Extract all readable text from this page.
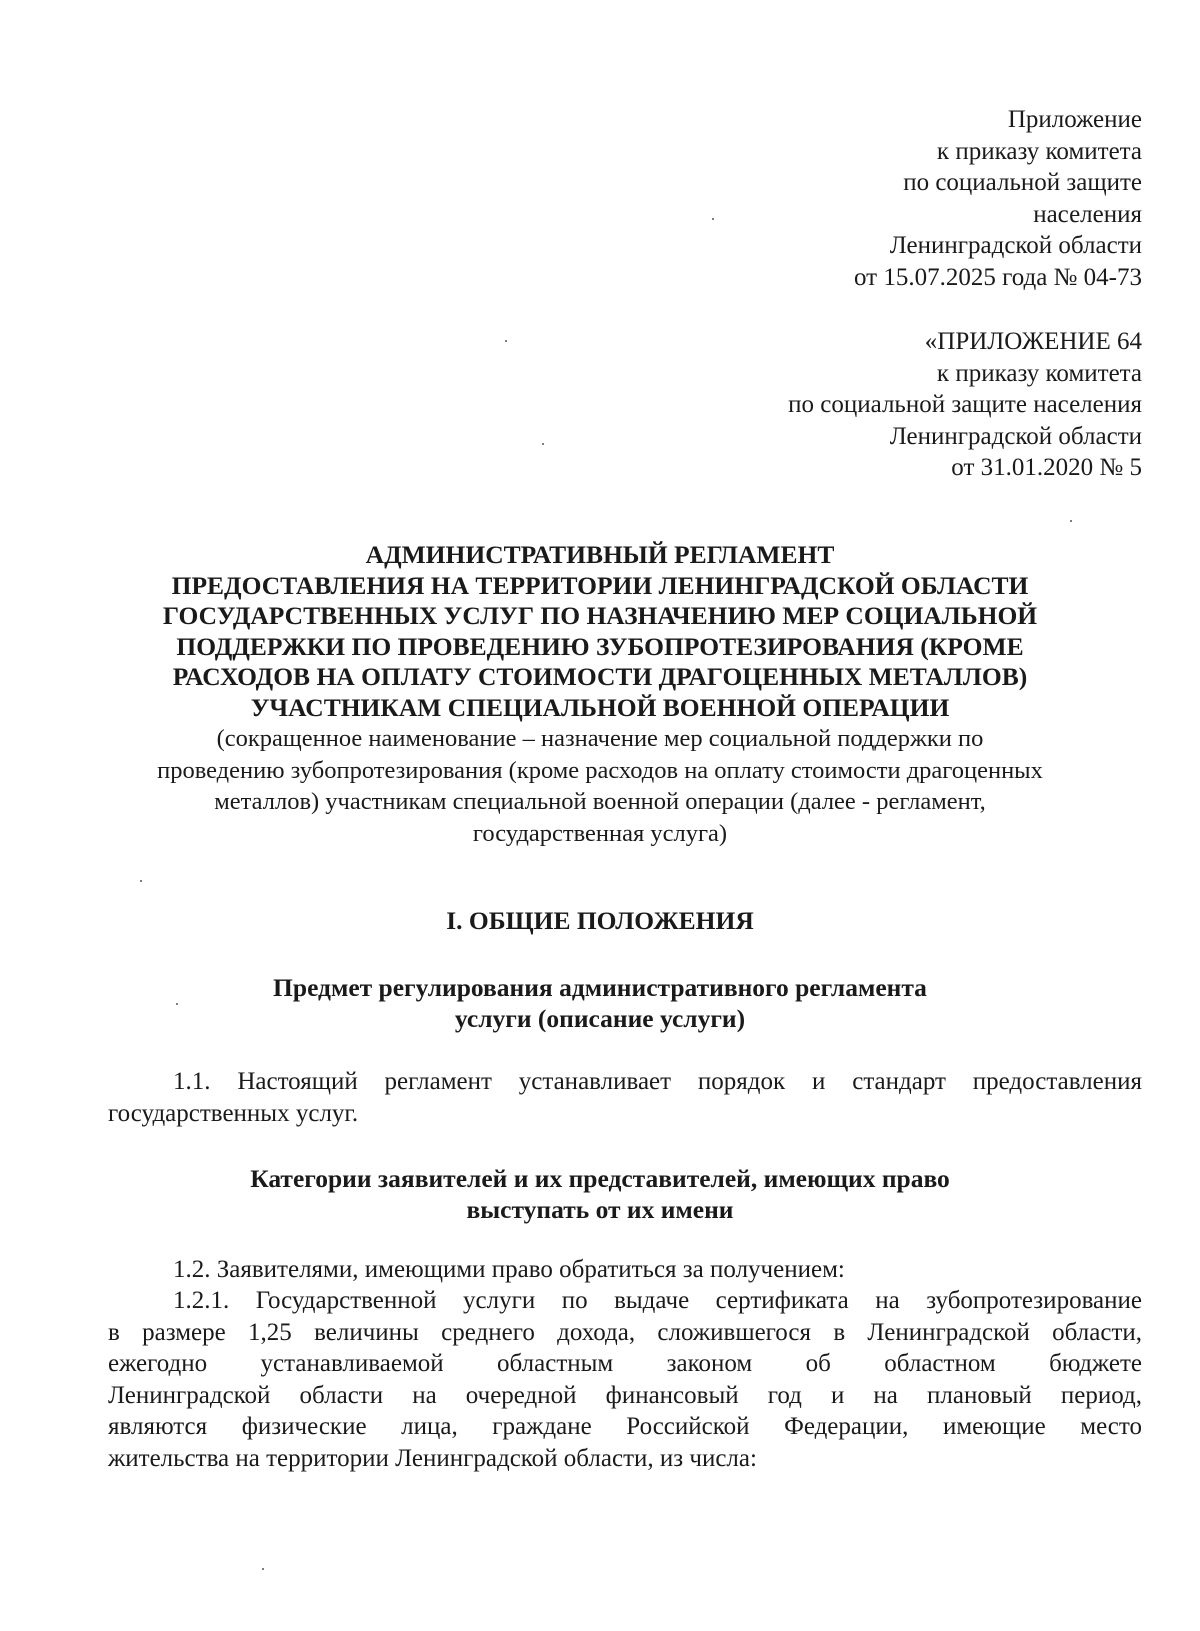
Приложение
к приказу комитета
по социальной защите
населения
Ленинградской области
от 15.07.2025 года № 04-73
«ПРИЛОЖЕНИЕ 64
к приказу комитета
по социальной защите населения
Ленинградской области
от 31.01.2020 № 5
АДМИНИСТРАТИВНЫЙ РЕГЛАМЕНТ
ПРЕДОСТАВЛЕНИЯ НА ТЕРРИТОРИИ ЛЕНИНГРАДСКОЙ ОБЛАСТИ
ГОСУДАРСТВЕННЫХ УСЛУГ ПО НАЗНАЧЕНИЮ МЕР СОЦИАЛЬНОЙ
ПОДДЕРЖКИ ПО ПРОВЕДЕНИЮ ЗУБОПРОТЕЗИРОВАНИЯ (КРОМЕ
РАСХОДОВ НА ОПЛАТУ СТОИМОСТИ ДРАГОЦЕННЫХ МЕТАЛЛОВ)
УЧАСТНИКАМ СПЕЦИАЛЬНОЙ ВОЕННОЙ ОПЕРАЦИИ
(сокращенное наименование – назначение мер социальной поддержки по
проведению зубопротезирования (кроме расходов на оплату стоимости драгоценных
металлов) участникам специальной военной операции (далее - регламент,
государственная услуга)
I. ОБЩИЕ ПОЛОЖЕНИЯ
Предмет регулирования административного регламента
услуги (описание услуги)
1.1. Настоящий регламент устанавливает порядок и стандарт предоставления
государственных услуг.
Категории заявителей и их представителей, имеющих право
выступать от их имени
1.2. Заявителями, имеющими право обратиться за получением:
1.2.1. Государственной услуги по выдаче сертификата на зубопротезирование
в размере 1,25 величины среднего дохода, сложившегося в Ленинградской области,
ежегодно устанавливаемой областным законом об областном бюджете
Ленинградской области на очередной финансовый год и на плановый период,
являются физические лица, граждане Российской Федерации, имеющие место
жительства на территории Ленинградской области, из числа:
